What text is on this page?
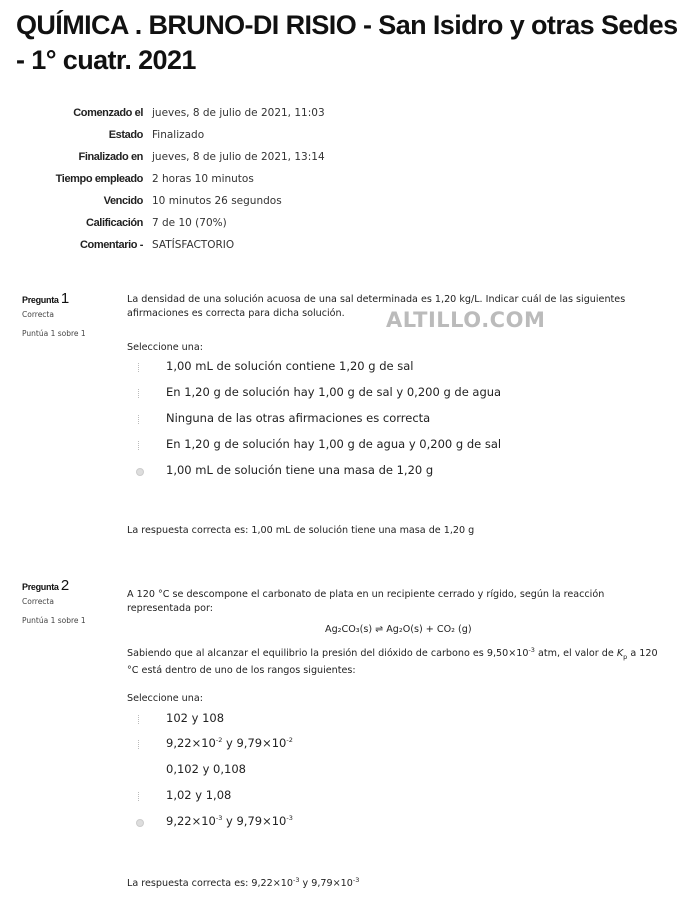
QUÍMICA . BRUNO-DI RISIO - San Isidro y otras Sedes - 1° cuatr. 2021
Comenzado el jueves, 8 de julio de 2021, 11:03
Estado Finalizado
Finalizado en jueves, 8 de julio de 2021, 13:14
Tiempo empleado 2 horas 10 minutos
Vencido 10 minutos 26 segundos
Calificación 7 de 10 (70%)
Comentario - SATÍSFACTORIO
ALTILLO.COM
Pregunta 1
Correcta
Puntúa 1 sobre 1
La densidad de una solución acuosa de una sal determinada es 1,20 kg/L. Indicar cuál de las siguientes afirmaciones es correcta para dicha solución.
Seleccione una:
1,00 mL de solución contiene 1,20 g de sal
En 1,20 g de solución hay 1,00 g de sal y 0,200 g de agua
Ninguna de las otras afirmaciones es correcta
En 1,20 g de solución hay 1,00 g de agua y 0,200 g de sal
1,00 mL de solución tiene una masa de 1,20 g
La respuesta correcta es: 1,00 mL de solución tiene una masa de 1,20 g
Pregunta 2
Correcta
Puntúa 1 sobre 1
A 120 °C se descompone el carbonato de plata en un recipiente cerrado y rígido, según la reacción representada por:
Ag₂CO₃(s) ⇌ Ag₂O(s) + CO₂ (g)
Sabiendo que al alcanzar el equilibrio la presión del dióxido de carbono es $9,50\times 10^{-3}$ atm, el valor de $K_p$ a 120 °C está dentro de uno de los rangos siguientes:
Seleccione una:
102 y 108
$9,22\times 10^{-2}$ y $9,79\times 10^{-2}$
0,102 y 0,108
1,02 y 1,08
$9,22\times 10^{-3}$ y $9,79\times 10^{-3}$
La respuesta correcta es: $9,22\times 10^{-3}$ y $9,79\times 10^{-3}$
